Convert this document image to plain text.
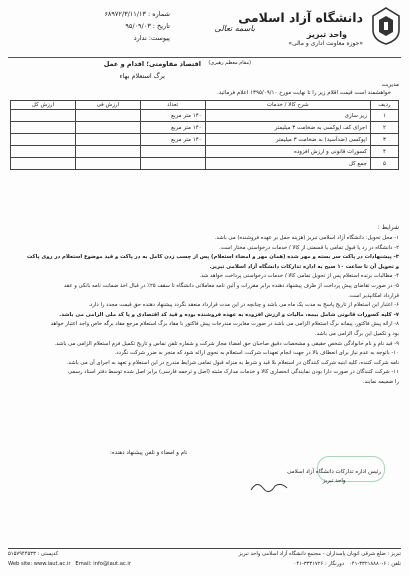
دانشگاه آزاد اسلامی
واحد تبریز
«حوزه معاونت اداری و مالی»
باسمه تعالی
شماره : ۶۸۹۷۲/۳/۱۱/۱۳
تاریخ : ۹۵/۰۹/۰۳
پیوست: ندارد
اقتصاد مقاومتی؛ اقدام و عمل (مقام معظم رهبری)
برگ استعلام بهاء
مدیریت
خواهشمند است قیمت اقلام زیر را تا نهایت مورخ ۱۳۹۵/۰۹/۱۰ اعلام فرمائید.
ردیف	شرح کالا / خدمات	تعداد	ارزش فی	ارزش کل
۱	زیر سازی	۱۴۰ متر مربع		
۲	اجرای کف اپوکسی به ضخامت ۳ میلیمتر	۱۴۰ متر مربع		
۳	اپوکسی (ضدآسید) به ضخامت ۳ میلیمتر	۱۴۰ متر مربع		
۴	کسورات قانونی و ارزش افزوده			
۵	جمع کل			
شرایط :
۱- محل تحویل: دانشگاه آزاد اسلامی تبریز (هزینه حمل بر عهده فروشنده) می باشد.
۲- دانشگاه در رد یا قبول تمامی یا قسمتی از کالا / خدمات درخواستی مختار است.
۳- پیشنهادات در پاکت سر بسته و مهر شده (همان مهر و امضاء استعلام) پس از چسب زدن کامل به در پاکت و قید موضوع استعلام در روی پاکت
و تحویل آن تا ساعت ۱۰ صبح به اداره تدارکات دانشگاه آزاد اسلامی تبریز.
۴- مطالبات برنده استعلام پس از تحویل تمامی کالا / خدمات درخواستی پرداخت خواهد شد.
۵- در صورت تقاضای پیش پرداخت از طرف پیشنهاد دهنده برابر مقررات و آئین نامه معاملاتی دانشگاه تا سقف ۲۵٪ در قبال اخذ ضمانت نامه بانکی و عقد
قرارداد امکانپذیر است.
۶- اعتبار این استعلام از تاریخ پاسخ به مدت یک ماه می باشد و چنانچه در این مدت قرارداد منعقد نگردد پیشنهاد دهنده حق قیمت مجدد را دارد.
۷- کلیه کسورات قانونی شامل بیمه، مالیات و ارزش افزوده به عهده فروشنده بوده و قید کد اقتصادی و یا کد ملی الزامی می باشد.
۸- ارائه پیش فاکتور، پیمانه برگ استعلام الزامی می باشد در صورت مغایرت مندرجات پیش فاکتور با مفاد برگ استعلام مرجع مفاد برگه خاص واجد اعتبار خواهد
بود و تکمیل این برگ الزامی می باشد.
۹- قید نام و نام خانوادگی شخص حقیقی و مشخصات دقیق صاحبان حق امضاء مجاز شرکت و شماره تلفن تماس و تاریخ تکمیل فرم استعلام الزامی می باشد.
۱۰- باتوجه به عدم نیاز برای انعطاف بالا در جهت انجام تعهدات شرکت، استعلام به نحوی ارائه شود که منجر به ضرر شرکت نگردد.
نامه شرکت کننده، کلیه ابنیه شرکت کنندگان در استعلام بلا قید و شرط به منزله قبول تمامی شرایط مندرج در این استعلام و تعهد به اجرای آن می باشد.
۱۱- شرکت کنندگان در صورت دارا بودن نمایندگی انحصاری کالا و خدمات مدارک مثبته (اصل و ترجمه فارسی) برابر اصل شده توسط دفتر اسناد رسمی
را ضمیمه نمایند.
نام و امضاء و تلفن پیشنهاد دهنده:
رئیس اداره تدارکات دانشگاه آزاد اسلامی
واحد تبریز
تبریز : ضلع شرقی اتوبان پاسداران - مجتمع دانشگاه آزاد اسلامی واحد تبریز
کدپستی : ۵۱۵۷۹۴۴۵۳۳
تلفن : ۰۴۱-۳۳۲۱۸۸۸۰-۶   دورنگار : ۰۴۱-۳۳۳۱۷۲۶
Web site: www.iaut.ac.ir Email: info@iaut.ac.ir
